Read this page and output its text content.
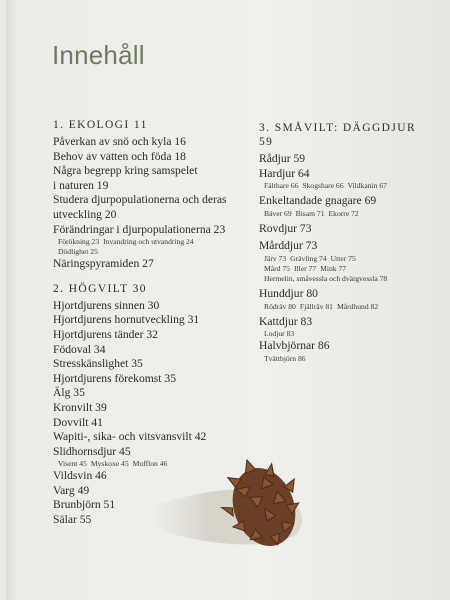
Innehåll
1. EKOLOGI 11
Påverkan av snö och kyla 16
Behov av vatten och föda 18
Några begrepp kring samspelet
i naturen 19
Studera djurpopulationerna och deras
utveckling 20
Förändringar i djurpopulationerna 23
Förökning 23 Invandring och utvandring 24
Dödlighet 25
Näringspyramiden 27
2. HÖGVILT 30
Hjortdjurens sinnen 30
Hjortdjurens hornutveckling 31
Hjortdjurens tänder 32
Födoval 34
Stresskänslighet 35
Hjortdjurens förekomst 35
Älg 35
Kronvilt 39
Dovvilt 41
Wapiti-, sika- och vitsvansvilt 42
Slidhornsdjur 45
Visent 45 Myskoxe 45 Mufflon 46
Vildsvin 46
Varg 49
Brunbjörn 51
Sälar 55
3. SMÅVILT: DÄGGDJUR 59
Rådjur 59
Hardjur 64
Fälthare 66 Skogshare 66 Vildkanin 67
Enkeltandade gnagare 69
Bäver 69 Bisam 71 Ekorre 72
Rovdjur 73
Mårddjur 73
Järv 73 Grävling 74 Utter 75
Mård 75 Iller 77 Mink 77
Hermelin, småvessla och dvärgvessla 78
Hunddjur 80
Rödräv 80 Fjällräv 81 Mårdhund 82
Kattdjur 83
Lodjur 83
Halvbjörnar 86
Tvättbjörn 86
